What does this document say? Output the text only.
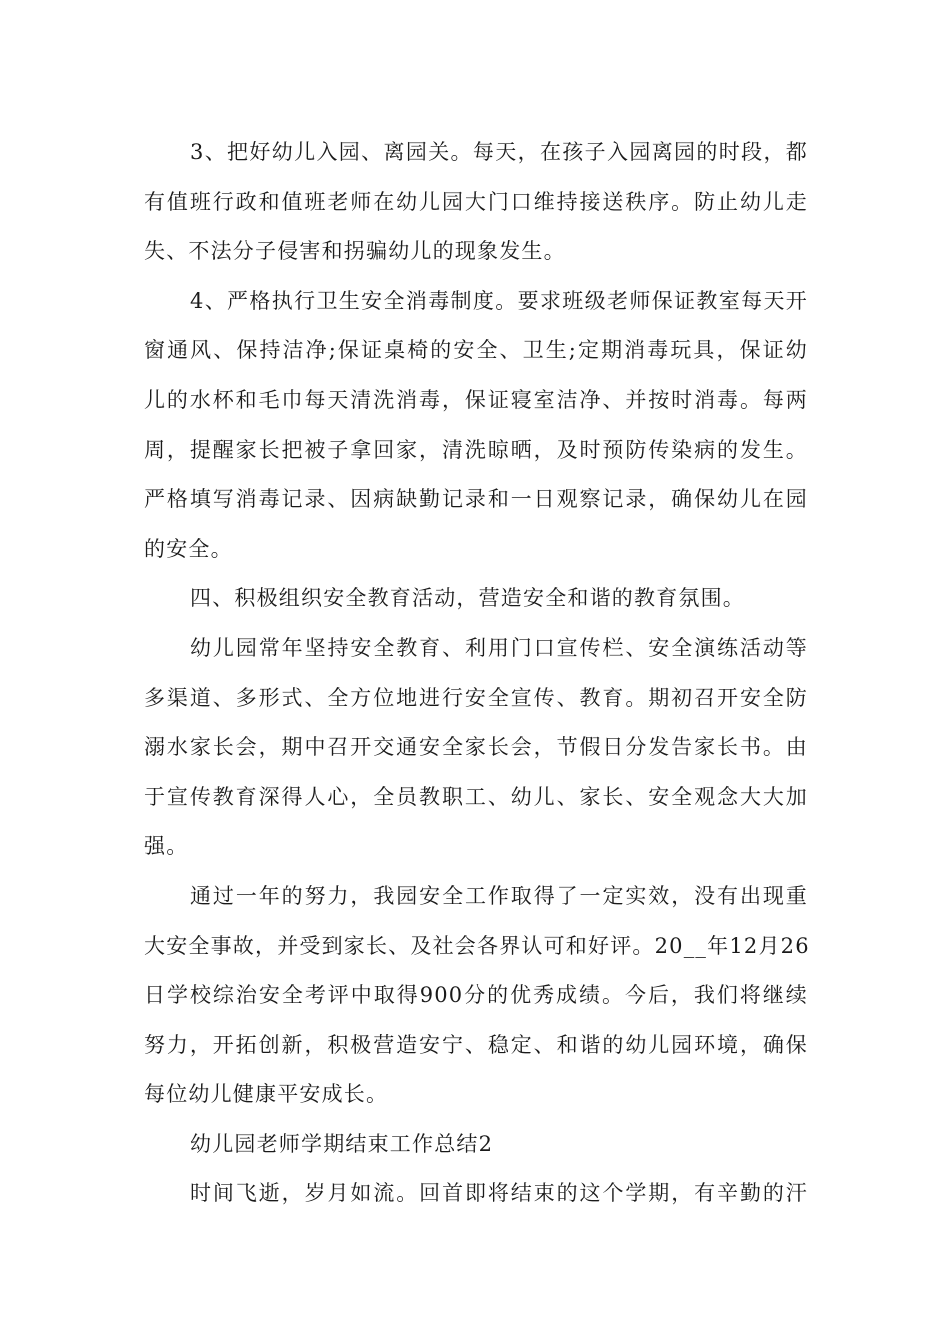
3、把好幼儿入园、离园关。每天，在孩子入园离园的时段，都
有值班行政和值班老师在幼儿园大门口维持接送秩序。防止幼儿走
失、不法分子侵害和拐骗幼儿的现象发生。
4、严格执行卫生安全消毒制度。要求班级老师保证教室每天开
窗通风、保持洁净;保证桌椅的安全、卫生;定期消毒玩具，保证幼
儿的水杯和毛巾每天清洗消毒，保证寝室洁净、并按时消毒。每两
周，提醒家长把被子拿回家，清洗晾晒，及时预防传染病的发生。
严格填写消毒记录、因病缺勤记录和一日观察记录，确保幼儿在园
的安全。
四、积极组织安全教育活动，营造安全和谐的教育氛围。
幼儿园常年坚持安全教育、利用门口宣传栏、安全演练活动等
多渠道、多形式、全方位地进行安全宣传、教育。期初召开安全防
溺水家长会，期中召开交通安全家长会，节假日分发告家长书。由
于宣传教育深得人心，全员教职工、幼儿、家长、安全观念大大加
强。
通过一年的努力，我园安全工作取得了一定实效，没有出现重
大安全事故，并受到家长、及社会各界认可和好评。20__年12月26
日学校综治安全考评中取得900分的优秀成绩。今后，我们将继续
努力，开拓创新，积极营造安宁、稳定、和谐的幼儿园环境，确保
每位幼儿健康平安成长。
幼儿园老师学期结束工作总结2
时间飞逝，岁月如流。回首即将结束的这个学期，有辛勤的汗
